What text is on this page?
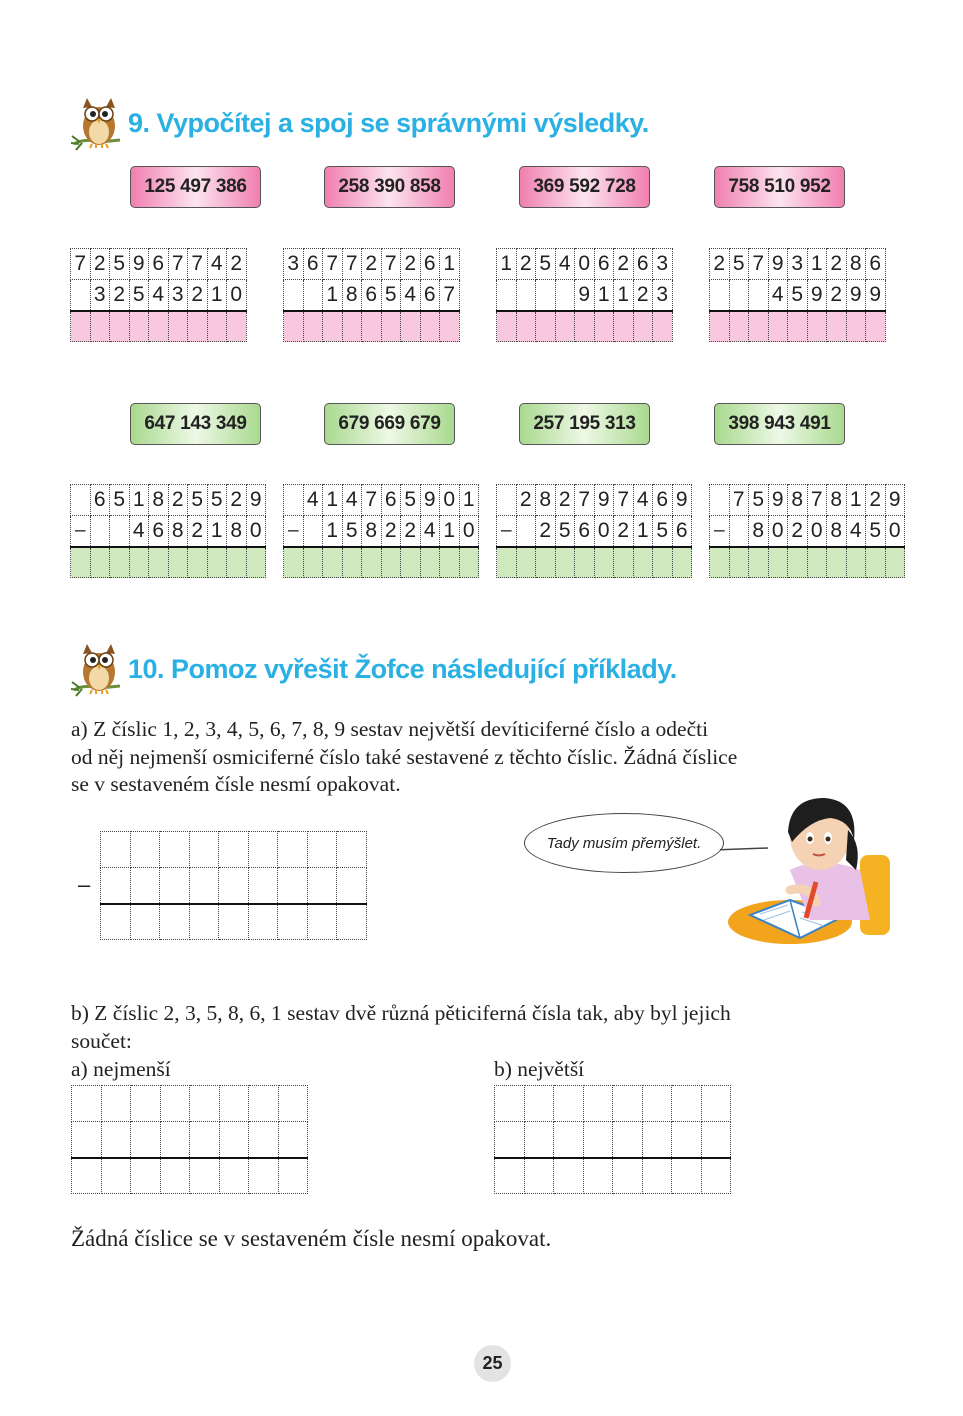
9. Vypočítej a spoj se správnými výsledky.
125 497 386	258 390 858	369 592 728	758 510 952
7	2	5	9	6	7	7	4	2
	3	2	5	4	3	2	1	0

3	6	7	7	2	7	2	6	1
		1	8	6	5	4	6	7

1	2	5	4	0	6	2	6	3
				9	1	1	2	3

2	5	7	9	3	1	2	8	6
			4	5	9	2	9	9

647 143 349	679 669 679	257 195 313	398 943 491
	6	5	1	8	2	5	5	2	9
–			4	6	8	2	1	8	0

	4	1	4	7	6	5	9	0	1
–		1	5	8	2	2	4	1	0

	2	8	2	7	9	7	4	6	9
–		2	5	6	0	2	1	5	6

	7	5	9	8	7	8	1	2	9
–		8	0	2	0	8	4	5	0

10. Pomoz vyřešit Žofce následující příklady.
a) Z číslic 1, 2, 3, 4, 5, 6, 7, 8, 9 sestav největší devíticiferné číslo a odečti
od něj nejmenší osmiciferné číslo také sestavené z těchto číslic. Žádná číslice
se v sestaveném čísle nesmí opakovat.
–

Tady musím přemýšlet.
b) Z číslic 2, 3, 5, 8, 6, 1 sestav dvě různá pěticiferná čísla tak, aby byl jejich
součet:
a) nejmenší	b) největší

Žádná číslice se v sestaveném čísle nesmí opakovat.
25
